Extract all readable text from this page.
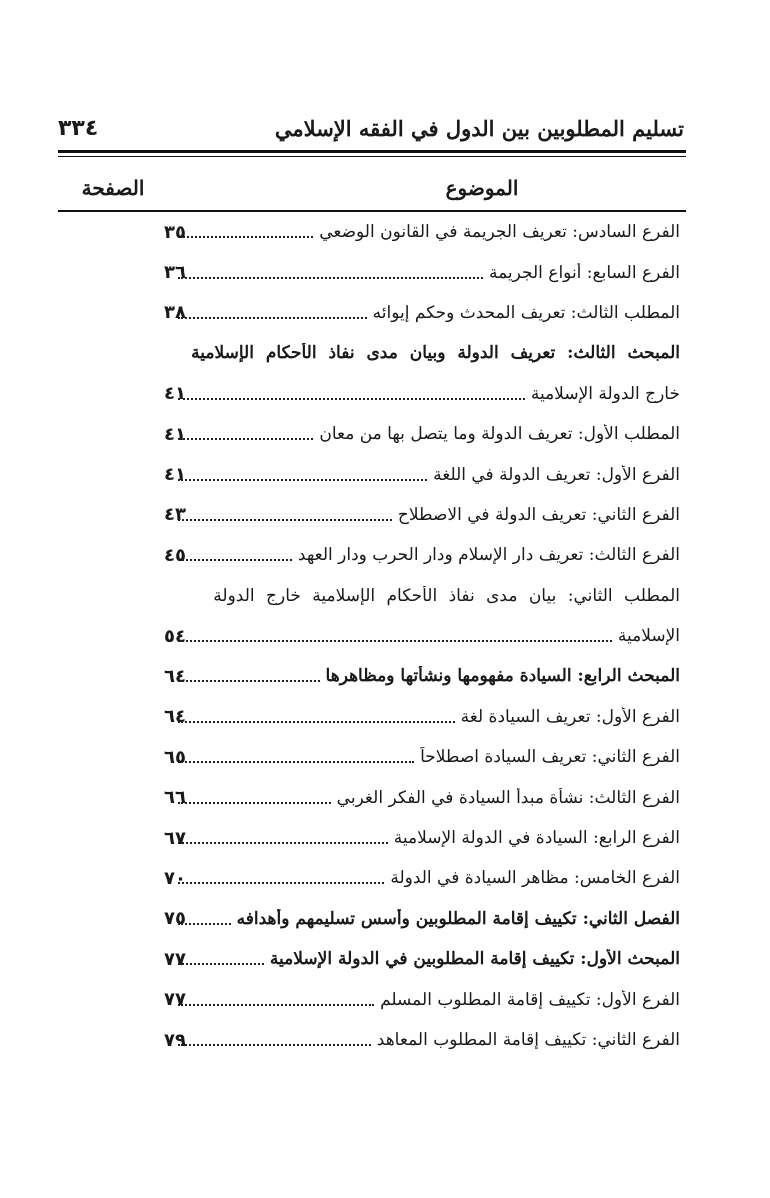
تسليم المطلوبين بين الدول في الفقه الإسلامي
٣٣٤
الموضوع
الصفحة
الفرع السادس: تعريف الجريمة في القانون الوضعي
٣٥
الفرع السابع: أنواع الجريمة
٣٦
المطلب الثالث: تعريف المحدث وحكم إيوائه
٣٨
المبحث الثالث: تعريف الدولة وبيان مدى نفاذ الأحكام الإسلامية
خارج الدولة الإسلامية
٤١
المطلب الأول: تعريف الدولة وما يتصل بها من معان
٤١
الفرع الأول: تعريف الدولة في اللغة
٤١
الفرع الثاني: تعريف الدولة في الاصطلاح
٤٣
الفرع الثالث: تعريف دار الإسلام ودار الحرب ودار العهد
٤٥
المطلب الثاني: بيان مدى نفاذ الأحكام الإسلامية خارج الدولة
الإسلامية
٥٤
المبحث الرابع: السيادة مفهومها ونشأتها ومظاهرها
٦٤
الفرع الأول: تعريف السيادة لغة
٦٤
الفرع الثاني: تعريف السيادة اصطلاحاً
٦٥
الفرع الثالث: نشأة مبدأ السيادة في الفكر الغربي
٦٦
الفرع الرابع: السيادة في الدولة الإسلامية
٦٧
الفرع الخامس: مظاهر السيادة في الدولة
٧٠
الفصل الثاني: تكييف إقامة المطلوبين وأسس تسليمهم وأهدافه
٧٥
المبحث الأول: تكييف إقامة المطلوبين في الدولة الإسلامية
٧٧
الفرع الأول: تكييف إقامة المطلوب المسلم
٧٧
الفرع الثاني: تكييف إقامة المطلوب المعاهد
٧٩
